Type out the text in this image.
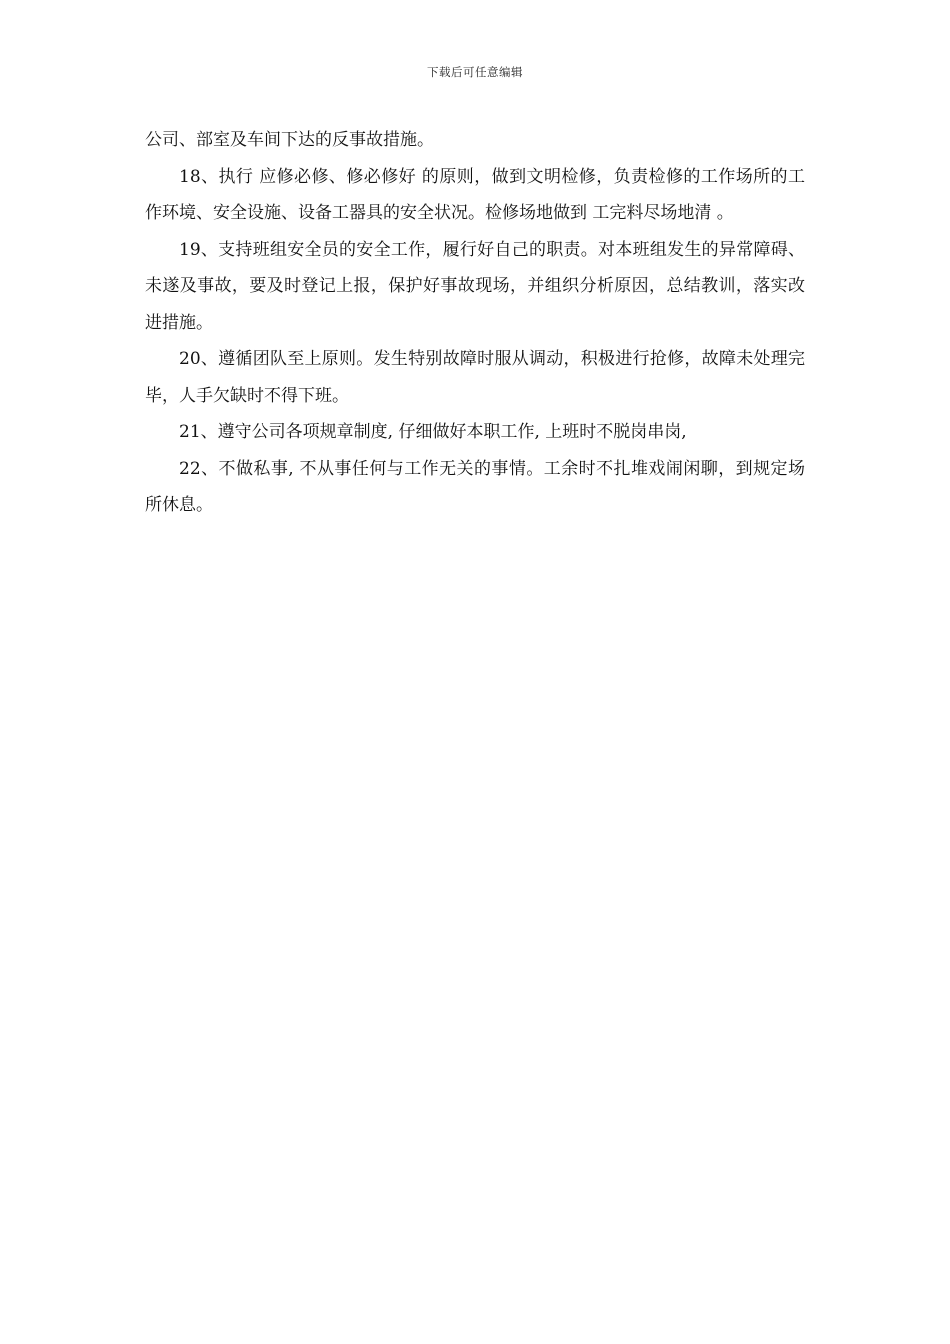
下载后可任意编辑

公司、部室及车间下达的反事故措施。

18、执行 应修必修、修必修好 的原则，做到文明检修，负责检修的工作场所的工作环境、安全设施、设备工器具的安全状况。检修场地做到 工完料尽场地清 。

19、支持班组安全员的安全工作，履行好自己的职责。对本班组发生的异常障碍、未遂及事故，要及时登记上报，保护好事故现场，并组织分析原因，总结教训，落实改进措施。

20、遵循团队至上原则。发生特别故障时服从调动，积极进行抢修，故障未处理完毕，人手欠缺时不得下班。

21、遵守公司各项规章制度, 仔细做好本职工作, 上班时不脱岗串岗,

22、不做私事, 不从事任何与工作无关的事情。工余时不扎堆戏闹闲聊，到规定场所休息。
